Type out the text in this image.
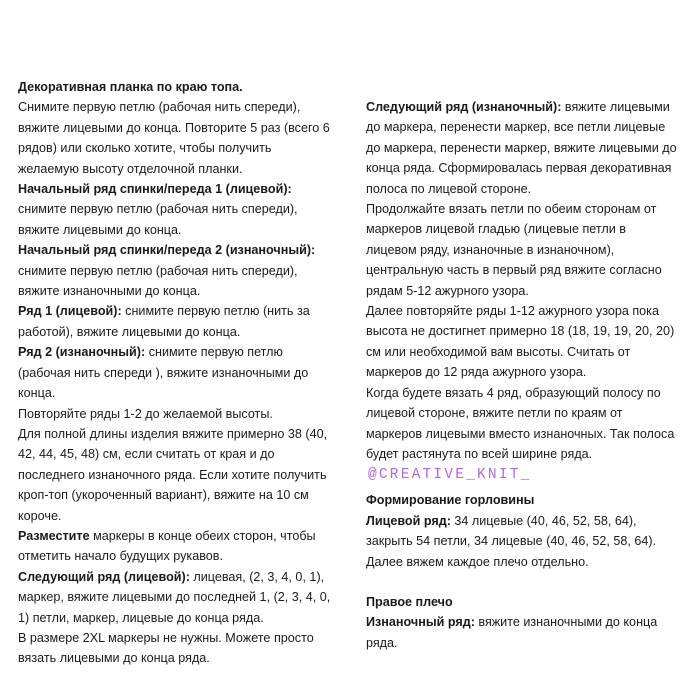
Декоративная планка по краю топа.

Снимите первую петлю (рабочая нить спереди), вяжите лицевыми до конца. Повторите 5 раз (всего 6 рядов) или сколько хотите, чтобы получить желаемую высоту отделочной планки.

Начальный ряд спинки/переда 1 (лицевой): снимите первую петлю (рабочая нить спереди), вяжите лицевыми до конца.

Начальный ряд спинки/переда 2 (изнаночный): снимите первую петлю (рабочая нить спереди), вяжите изнаночными до конца.

Ряд 1 (лицевой): снимите первую петлю (нить за работой), вяжите лицевыми до конца.

Ряд 2 (изнаночный): снимите первую петлю (рабочая нить спереди ), вяжите изнаночными до конца.

Повторяйте ряды 1-2 до желаемой высоты.

Для полной длины изделия вяжите примерно 38 (40, 42, 44, 45, 48) см, если считать от края и до последнего изнаночного ряда. Если хотите получить кроп-топ (укороченный вариант), вяжите на 10 см короче.

Разместите маркеры в конце обеих сторон, чтобы отметить начало будущих рукавов.

Следующий ряд (лицевой): лицевая, (2, 3, 4, 0, 1), маркер, вяжите лицевыми до последней 1, (2, 3, 4, 0, 1) петли, маркер, лицевые до конца ряда.

В размере 2XL маркеры не нужны. Можете просто вязать лицевыми до конца ряда.

Следующий ряд (изнаночный): вяжите лицевыми до маркера, перенести маркер, все петли лицевые до маркера, перенести маркер, вяжите лицевыми до конца ряда. Сформировалась первая декоративная полоса по лицевой стороне.

Продолжайте вязать петли по обеим сторонам от маркеров лицевой гладью (лицевые петли в лицевом ряду, изнаночные в изнаночном), центральную часть в первый ряд вяжите согласно рядам 5-12 ажурного узора.

Далее повторяйте ряды 1-12 ажурного узора пока высота не достигнет примерно 18 (18, 19, 19, 20, 20) см или необходимой вам высоты. Считать от маркеров до 12 ряда ажурного узора.

Когда будете вязать 4 ряд, образующий полосу по лицевой стороне, вяжите петли по краям от маркеров лицевыми вместо изнаночных. Так полоса будет растянута по всей ширине ряда.

@CREATIVE_KNIT_

Формирование горловины

Лицевой ряд: 34 лицевые (40, 46, 52, 58, 64), закрыть 54 петли, 34 лицевые (40, 46, 52, 58, 64).

Далее вяжем каждое плечо отдельно.

Правое плечо

Изнаночный ряд: вяжите изнаночными до конца ряда.
